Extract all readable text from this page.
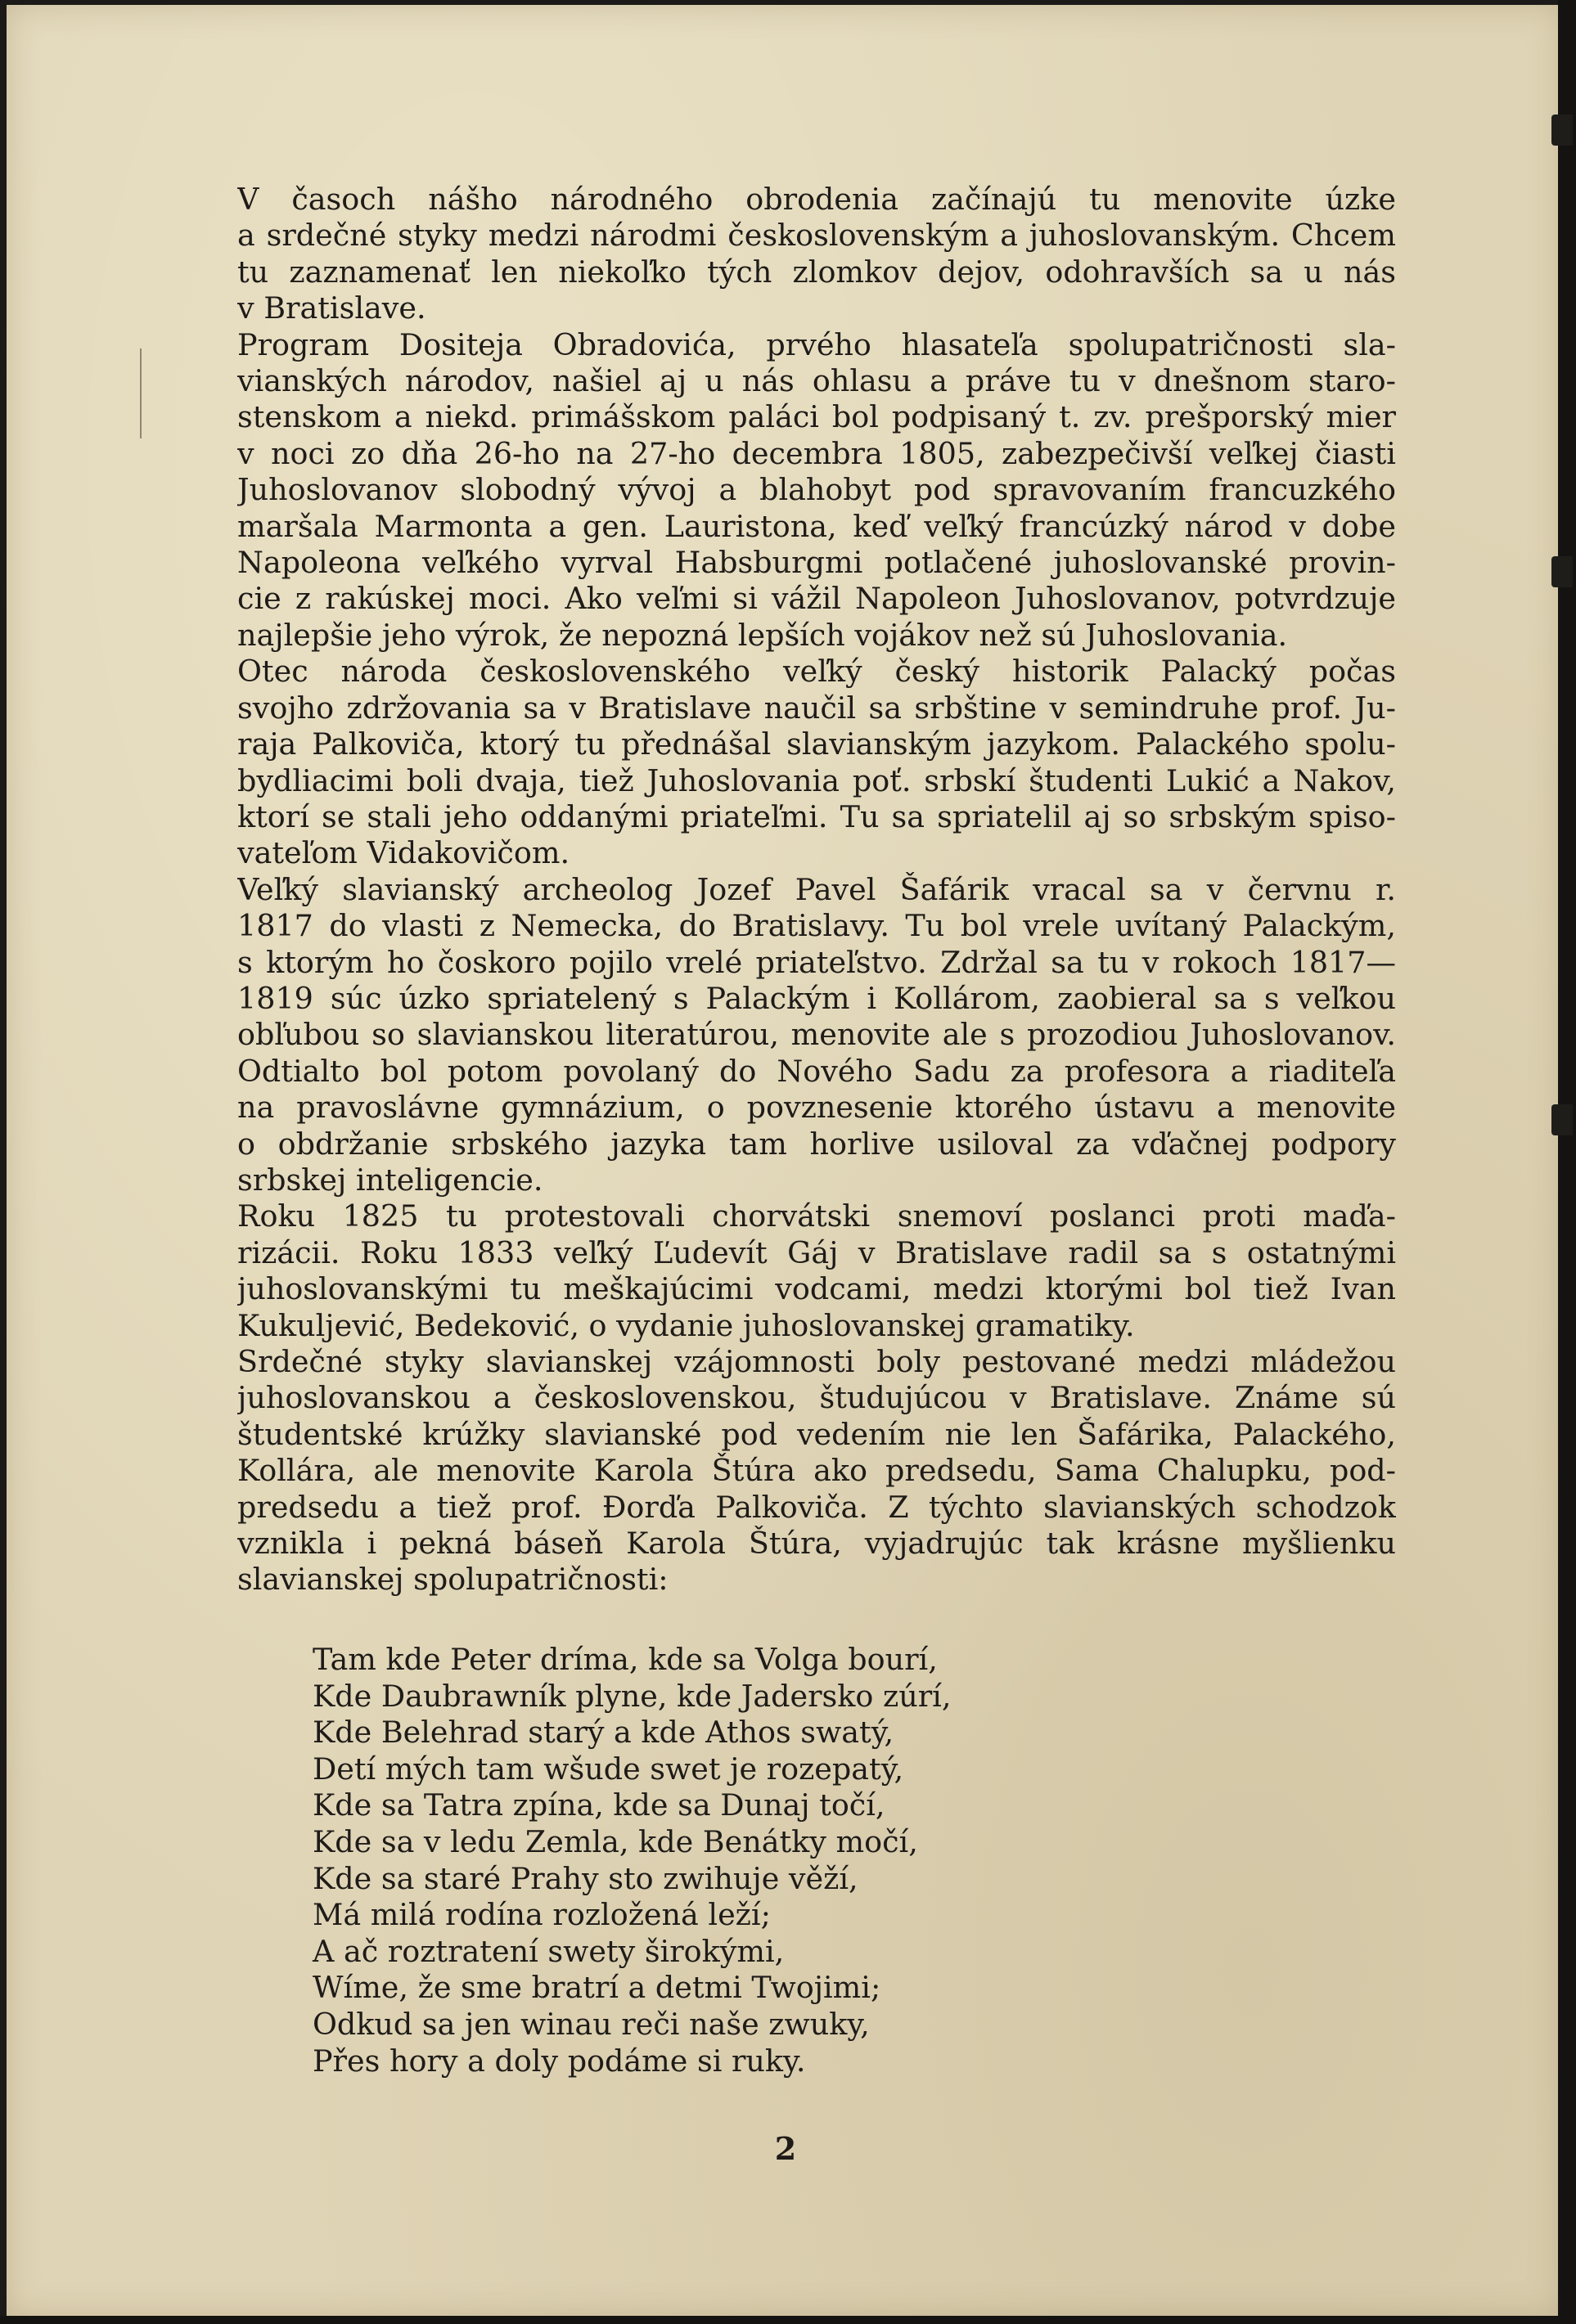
V časoch nášho národného obrodenia začínajú tu menovite úzke
a srdečné styky medzi národmi československým a juhoslovanským. Chcem
tu zaznamenať len niekoľko tých zlomkov dejov, odohravších sa u nás
v Bratislave.
Program Dositeja Obradovića, prvého hlasateľa spolupatričnosti sla-
vianských národov, našiel aj u nás ohlasu a práve tu v dnešnom staro-
stenskom a niekd. primášskom paláci bol podpisaný t. zv. prešporský mier
v noci zo dňa 26-ho na 27-ho decembra 1805, zabezpečivší veľkej čiasti
Juhoslovanov slobodný vývoj a blahobyt pod spravovaním francuzkého
maršala Marmonta a gen. Lauristona, keď veľký francúzký národ v dobe
Napoleona veľkého vyrval Habsburgmi potlačené juhoslovanské provin-
cie z rakúskej moci. Ako veľmi si vážil Napoleon Juhoslovanov, potvrdzuje
najlepšie jeho výrok, že nepozná lepších vojákov než sú Juhoslovania.
Otec národa československého veľký český historik Palacký počas
svojho zdržovania sa v Bratislave naučil sa srbštine v semindruhe prof. Ju-
raja Palkoviča, ktorý tu přednášal slavianským jazykom. Palackého spolu-
bydliacimi boli dvaja, tiež Juhoslovania poť. srbskí študenti Lukić a Nakov,
ktorí se stali jeho oddanými priateľmi. Tu sa spriatelil aj so srbským spiso-
vateľom Vidakovičom.
Veľký slavianský archeolog Jozef Pavel Šafárik vracal sa v červnu r.
1817 do vlasti z Nemecka, do Bratislavy. Tu bol vrele uvítaný Palackým,
s ktorým ho čoskoro pojilo vrelé priateľstvo. Zdržal sa tu v rokoch 1817—
1819 súc úzko spriatelený s Palackým i Kollárom, zaobieral sa s veľkou
obľubou so slavianskou literatúrou, menovite ale s prozodiou Juhoslovanov.
Odtialto bol potom povolaný do Nového Sadu za profesora a riaditeľa
na pravoslávne gymnázium, o povznesenie ktorého ústavu a menovite
o obdržanie srbského jazyka tam horlive usiloval za vďačnej podpory
srbskej inteligencie.
Roku 1825 tu protestovali chorvátski snemoví poslanci proti maďa-
rizácii. Roku 1833 veľký Ľudevít Gáj v Bratislave radil sa s ostatnými
juhoslovanskými tu meškajúcimi vodcami, medzi ktorými bol tiež Ivan
Kukuljević, Bedeković, o vydanie juhoslovanskej gramatiky.
Srdečné styky slavianskej vzájomnosti boly pestované medzi mládežou
juhoslovanskou a československou, študujúcou v Bratislave. Známe sú
študentské krúžky slavianské pod vedením nie len Šafárika, Palackého,
Kollára, ale menovite Karola Štúra ako predsedu, Sama Chalupku, pod-
predsedu a tiež prof. Đorďa Palkoviča. Z týchto slavianských schodzok
vznikla i pekná báseň Karola Štúra, vyjadrujúc tak krásne myšlienku
slavianskej spolupatričnosti:
Tam kde Peter dríma, kde sa Volga bourí,
Kde Daubrawník plyne, kde Jadersko zúrí,
Kde Belehrad starý a kde Athos swatý,
Detí mých tam wšude swet je rozepatý,
Kde sa Tatra zpína, kde sa Dunaj točí,
Kde sa v ledu Zemla, kde Benátky močí,
Kde sa staré Prahy sto zwihuje věží,
Má milá rodína rozložená leží;
A ač roztratení swety širokými,
Wíme, že sme bratrí a detmi Twojimi;
Odkud sa jen winau reči naše zwuky,
Přes hory a doly podáme si ruky.
2
